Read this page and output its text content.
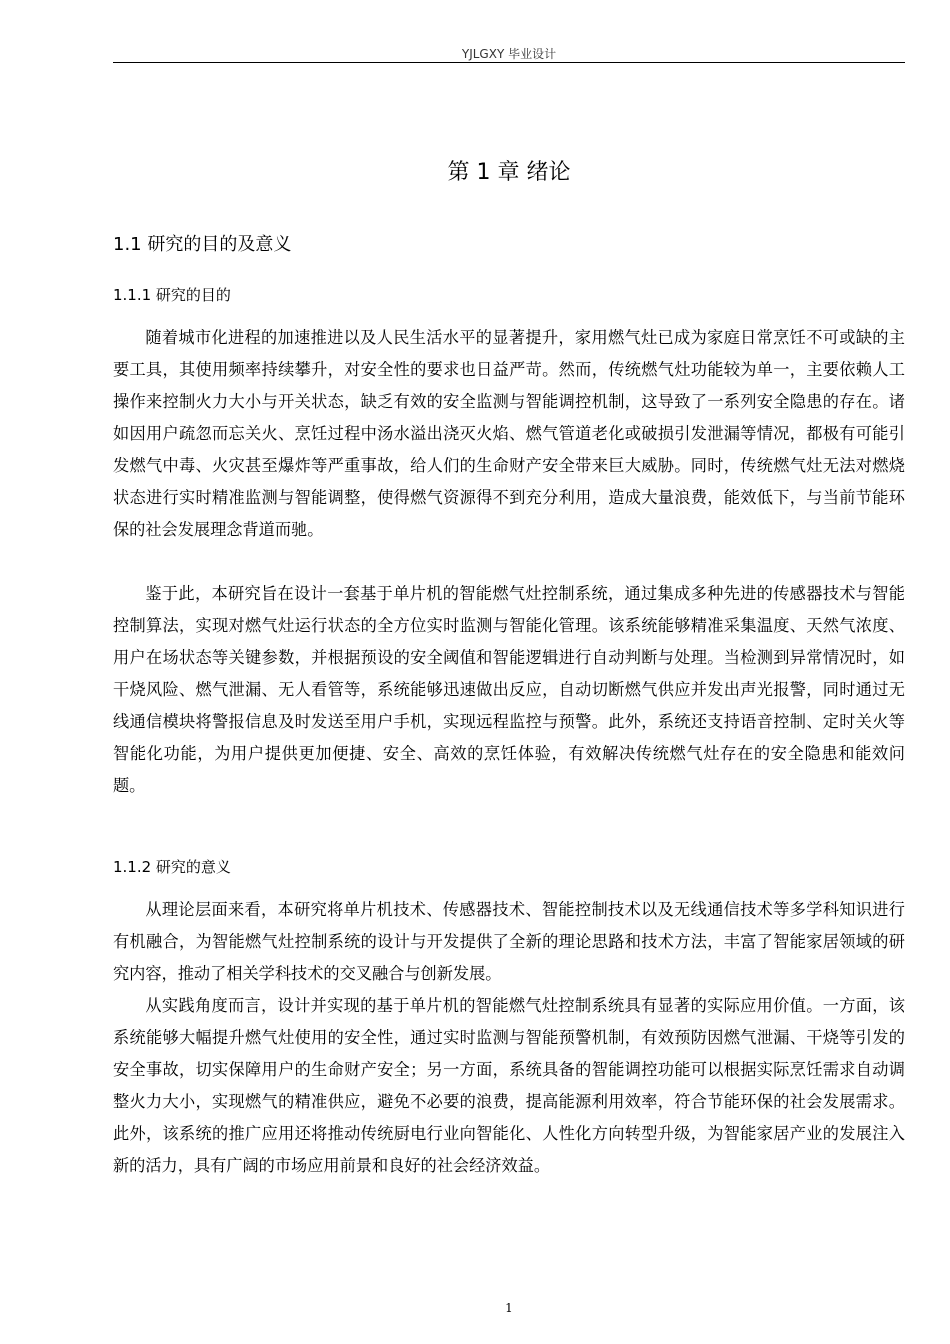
YJLGXY 毕业设计
第 1 章 绪论
1.1 研究的目的及意义
1.1.1 研究的目的

随着城市化进程的加速推进以及人民生活水平的显著提升，家用燃气灶已成为家庭日常烹饪不可或缺的主要工具，其使用频率持续攀升，对安全性的要求也日益严苛。然而，传统燃气灶功能较为单一，主要依赖人工操作来控制火力大小与开关状态，缺乏有效的安全监测与智能调控机制，这导致了一系列安全隐患的存在。诸如因用户疏忽而忘关火、烹饪过程中汤水溢出浇灭火焰、燃气管道老化或破损引发泄漏等情况，都极有可能引发燃气中毒、火灾甚至爆炸等严重事故，给人们的生命财产安全带来巨大威胁。同时，传统燃气灶无法对燃烧状态进行实时精准监测与智能调整，使得燃气资源得不到充分利用，造成大量浪费，能效低下，与当前节能环保的社会发展理念背道而驰。

鉴于此，本研究旨在设计一套基于单片机的智能燃气灶控制系统，通过集成多种先进的传感器技术与智能控制算法，实现对燃气灶运行状态的全方位实时监测与智能化管理。该系统能够精准采集温度、天然气浓度、用户在场状态等关键参数，并根据预设的安全阈值和智能逻辑进行自动判断与处理。当检测到异常情况时，如干烧风险、燃气泄漏、无人看管等，系统能够迅速做出反应，自动切断燃气供应并发出声光报警，同时通过无线通信模块将警报信息及时发送至用户手机，实现远程监控与预警。此外，系统还支持语音控制、定时关火等智能化功能，为用户提供更加便捷、安全、高效的烹饪体验，有效解决传统燃气灶存在的安全隐患和能效问题。

1.1.2 研究的意义

从理论层面来看，本研究将单片机技术、传感器技术、智能控制技术以及无线通信技术等多学科知识进行有机融合，为智能燃气灶控制系统的设计与开发提供了全新的理论思路和技术方法，丰富了智能家居领域的研究内容，推动了相关学科技术的交叉融合与创新发展。

从实践角度而言，设计并实现的基于单片机的智能燃气灶控制系统具有显著的实际应用价值。一方面，该系统能够大幅提升燃气灶使用的安全性，通过实时监测与智能预警机制，有效预防因燃气泄漏、干烧等引发的安全事故，切实保障用户的生命财产安全；另一方面，系统具备的智能调控功能可以根据实际烹饪需求自动调整火力大小，实现燃气的精准供应，避免不必要的浪费，提高能源利用效率，符合节能环保的社会发展需求。此外，该系统的推广应用还将推动传统厨电行业向智能化、人性化方向转型升级，为智能家居产业的发展注入新的活力，具有广阔的市场应用前景和良好的社会经济效益。

1
